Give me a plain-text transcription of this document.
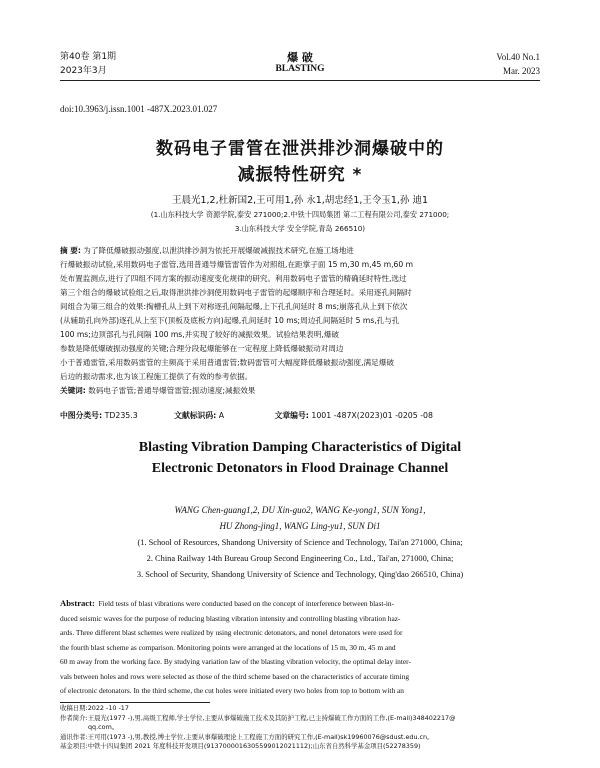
第40卷 第1期
2023年3月
爆 破
BLASTING
Vol.40 No.1
Mar. 2023
doi:10.3963/j.issn.1001 -487X.2023.01.027
数码电子雷管在泄洪排沙洞爆破中的
减振特性研究 *
王晨光1,2,杜新国2,王可用1,孙 永1,胡忠经1,王令玉1,孙 迪1
(1.山东科技大学 资源学院,泰安 271000;2.中铁十四局集团 第二工程有限公司,泰安 271000;
3.山东科技大学 安全学院,青岛 266510)
摘 要: 为了降低爆破振动强度,以泄洪排沙洞为依托开展爆破减振技术研究,在施工场地进
行爆破振动试验,采用数码电子雷管,选用普通导爆管雷管作为对照组,在距掌子面 15 m,30 m,45 m,60 m
处布置监测点,进行了四组不同方案的振动速度变化规律的研究。利用数码电子雷管的精确延时特性,选过
第三个组合的爆破试验组之后,取得泄洪排沙洞使用数码电子雷管的起爆顺序和合理延时。采用逐孔间隔时
间组合为第三组合的效果:掏槽孔从上到下对称逐孔间隔起爆,上下孔孔间延时 8 ms;崩落孔从上到下依次
(从辅助孔向外部)逐孔从上至下(顶板及底板方向)起爆,孔间延时 10 ms;周边孔间隔延时 5 ms,孔与孔
100 ms;边顶部孔与孔间隔 100 ms,并实现了较好的减振效果。试验结果表明,爆破
参数是降低爆破振动强度的关键;合理分段起爆能够在一定程度上降低爆破振动对周边
小于普通雷管,采用数码雷管的主频高于采用普通雷管;数码雷管可大幅度降低爆破振动强度,满足爆破
后边的振动需求,也为该工程施工提供了有效的参考依据。
关键词: 数码电子雷管;普通导爆管雷管;振动速度;减振效果
中图分类号: TD235.3	文献标识码: A	文章编号: 1001 -487X(2023)01 -0205 -08
Blasting Vibration Damping Characteristics of Digital
Electronic Detonators in Flood Drainage Channel
WANG Chen-guang1,2, DU Xin-guo2, WANG Ke-yong1, SUN Yong1,
HU Zhong-jing1, WANG Ling-yu1, SUN Di1
(1. School of Resources, Shandong University of Science and Technology, Tai'an 271000, China;
2. China Railway 14th Bureau Group Second Engineering Co., Ltd., Tai'an, 271000, China;
3. School of Security, Shandong University of Science and Technology, Qing'dao 266510, China)
Abstract: Field tests of blast vibrations were conducted based on the concept of interference between blast-in-
duced seismic waves for the purpose of reducing blasting vibration intensity and controlling blasting vibration haz-
ards. Three different blast schemes were realized by using electronic detonators, and nonel detonators were used for
the fourth blast scheme as comparison. Monitoring points were arranged at the locations of 15 m, 30 m, 45 m and
60 m away from the working face. By studying variation law of the blasting vibration velocity, the optimal delay inter-
vals between holes and rows were selected as those of the third scheme based on the characteristics of accurate timing
of electronic detonators. In the third scheme, the cut holes were initiated every two holes from top to bottom with an
收稿日期:2022 -10 -17
作者简介:王晨光(1977 -),男,高级工程师,学士学位,主要从事爆破施工技术及其防护工程,已主持爆破工作方面的工作,(E-mail)348402217@
qq.com。
通讯作者:王可用(1973 -),男,教授,博士学位,主要从事爆破理论上工程施工方面的研究工作,(E-mail)sk19960076@sdust.edu.cn。
基金项目:中铁十四局集团 2021 年度科技开发项目(9137000016305599012021112);山东省自然科学基金项目(52278359)
